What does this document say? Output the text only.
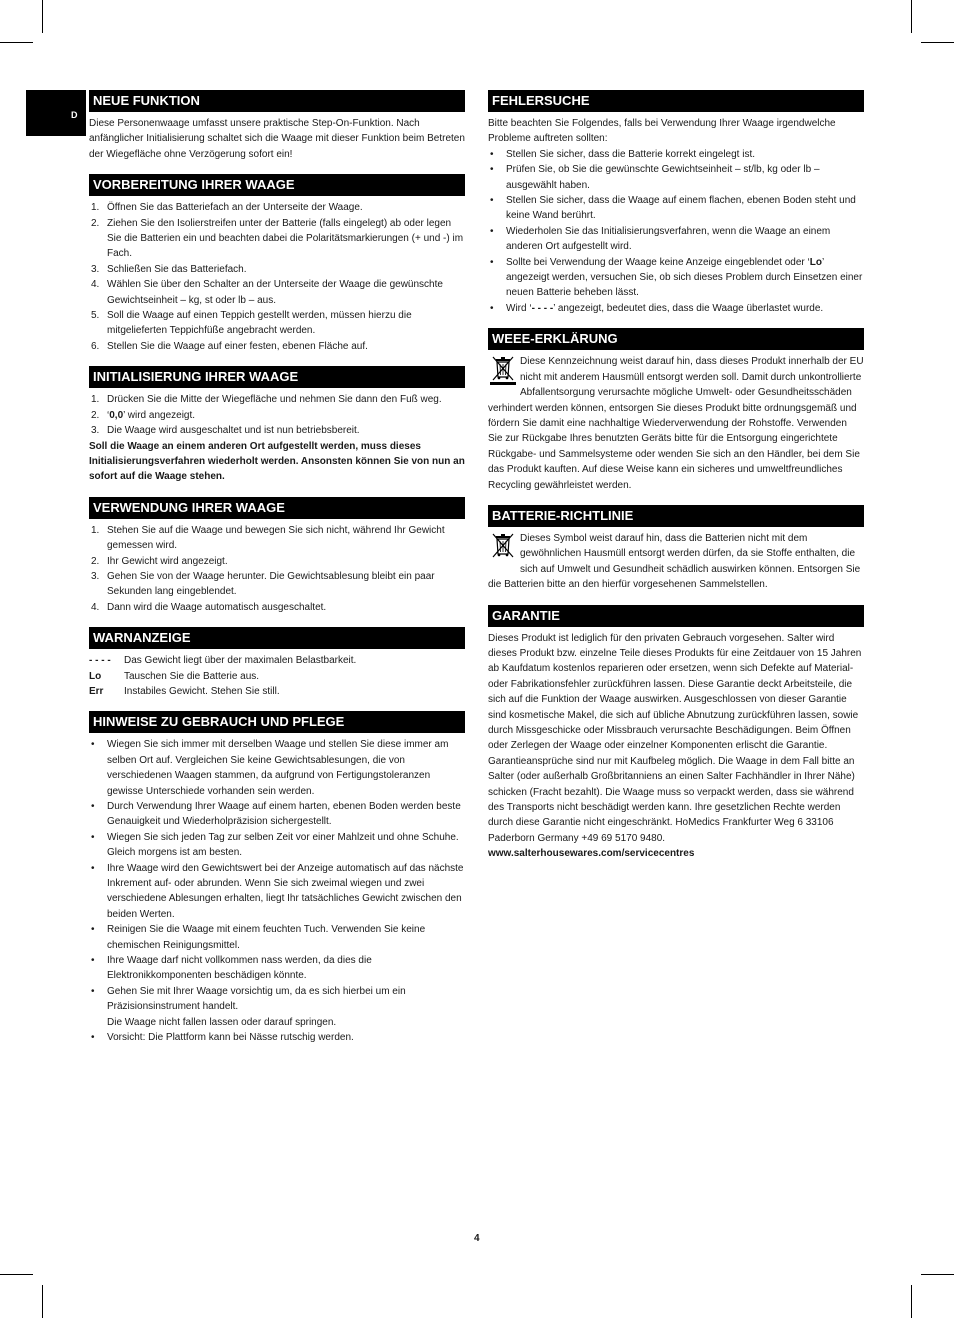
D
NEUE FUNKTION

Diese Personenwaage umfasst unsere praktische Step-On-Funktion. Nach anfänglicher Initialisierung schaltet sich die Waage mit dieser Funktion beim Betreten der Wiegefläche ohne Verzögerung sofort ein!

VORBEREITUNG IHRER WAAGE
1. Öffnen Sie das Batteriefach an der Unterseite der Waage.
2. Ziehen Sie den Isolierstreifen unter der Batterie (falls eingelegt) ab oder legen Sie die Batterien ein und beachten dabei die Polaritätsmarkierungen (+ und -) im Fach.
3. Schließen Sie das Batteriefach.
4. Wählen Sie über den Schalter an der Unterseite der Waage die gewünschte Gewichtseinheit – kg, st oder lb – aus.
5. Soll die Waage auf einen Teppich gestellt werden, müssen hierzu die mitgelieferten Teppichfüße angebracht werden.
6. Stellen Sie die Waage auf einer festen, ebenen Fläche auf.
INITIALISIERUNG IHRER WAAGE
1. Drücken Sie die Mitte der Wiegefläche und nehmen Sie dann den Fuß weg.
2. ‘0,0’ wird angezeigt.
3. Die Waage wird ausgeschaltet und ist nun betriebsbereit.

Soll die Waage an einem anderen Ort aufgestellt werden, muss dieses Initialisierungsverfahren wiederholt werden. Ansonsten können Sie von nun an sofort auf die Waage stehen.

VERWENDUNG IHRER WAAGE
1. Stehen Sie auf die Waage und bewegen Sie sich nicht, während Ihr Gewicht gemessen wird.
2. Ihr Gewicht wird angezeigt.
3. Gehen Sie von der Waage herunter. Die Gewichtsablesung bleibt ein paar Sekunden lang eingeblendet.
4. Dann wird die Waage automatisch ausgeschaltet.
WARNANZEIGE
- - - -	Das Gewicht liegt über der maximalen Belastbarkeit.
Lo	Tauschen Sie die Batterie aus.
Err	Instabiles Gewicht. Stehen Sie still.
HINWEISE ZU GEBRAUCH UND PFLEGE
• Wiegen Sie sich immer mit derselben Waage und stellen Sie diese immer am selben Ort auf. Vergleichen Sie keine Gewichtsablesungen, die von verschiedenen Waagen stammen, da aufgrund von Fertigungstoleranzen gewisse Unterschiede vorhanden sein werden.
• Durch Verwendung Ihrer Waage auf einem harten, ebenen Boden werden beste Genauigkeit und Wiederholpräzision sichergestellt.
• Wiegen Sie sich jeden Tag zur selben Zeit vor einer Mahlzeit und ohne Schuhe. Gleich morgens ist am besten.
• Ihre Waage wird den Gewichtswert bei der Anzeige automatisch auf das nächste Inkrement auf- oder abrunden. Wenn Sie sich zweimal wiegen und zwei verschiedene Ablesungen erhalten, liegt Ihr tatsächliches Gewicht zwischen den beiden Werten.
• Reinigen Sie die Waage mit einem feuchten Tuch. Verwenden Sie keine chemischen Reinigungsmittel.
• Ihre Waage darf nicht vollkommen nass werden, da dies die Elektronikkomponenten beschädigen könnte.
• Gehen Sie mit Ihrer Waage vorsichtig um, da es sich hierbei um ein Präzisionsinstrument handelt.
Die Waage nicht fallen lassen oder darauf springen.
• Vorsicht: Die Plattform kann bei Nässe rutschig werden.
FEHLERSUCHE

Bitte beachten Sie Folgendes, falls bei Verwendung Ihrer Waage irgendwelche Probleme auftreten sollten:

• Stellen Sie sicher, dass die Batterie korrekt eingelegt ist.
• Prüfen Sie, ob Sie die gewünschte Gewichtseinheit – st/lb, kg oder lb – ausgewählt haben.
• Stellen Sie sicher, dass die Waage auf einem flachen, ebenen Boden steht und keine Wand berührt.
• Wiederholen Sie das Initialisierungsverfahren, wenn die Waage an einem anderen Ort aufgestellt wird.
• Sollte bei Verwendung der Waage keine Anzeige eingeblendet oder ‘Lo’ angezeigt werden, versuchen Sie, ob sich dieses Problem durch Einsetzen einer neuen Batterie beheben lässt.
• Wird ‘- - - -’ angezeigt, bedeutet dies, dass die Waage überlastet wurde.
WEEE-ERKLÄRUNG

Diese Kennzeichnung weist darauf hin, dass dieses Produkt innerhalb der EU nicht mit anderem Hausmüll entsorgt werden soll. Damit durch unkontrollierte Abfallentsorgung verursachte mögliche Umwelt- oder Gesundheitsschäden verhindert werden können, entsorgen Sie dieses Produkt bitte ordnungsgemäß und fördern Sie damit eine nachhaltige Wiederverwendung der Rohstoffe. Verwenden Sie zur Rückgabe Ihres benutzten Geräts bitte für die Entsorgung eingerichtete Rückgabe- und Sammelsysteme oder wenden Sie sich an den Händler, bei dem Sie das Produkt kauften. Auf diese Weise kann ein sicheres und umweltfreundliches Recycling gewährleistet werden.

BATTERIE-RICHTLINIE

Dieses Symbol weist darauf hin, dass die Batterien nicht mit dem gewöhnlichen Hausmüll entsorgt werden dürfen, da sie Stoffe enthalten, die sich auf Umwelt und Gesundheit schädlich auswirken können. Entsorgen Sie die Batterien bitte an den hierfür vorgesehenen Sammelstellen.

GARANTIE

Dieses Produkt ist lediglich für den privaten Gebrauch vorgesehen. Salter wird dieses Produkt bzw. einzelne Teile dieses Produkts für eine Zeitdauer von 15 Jahren ab Kaufdatum kostenlos reparieren oder ersetzen, wenn sich Defekte auf Material- oder Fabrikationsfehler zurückführen lassen. Diese Garantie deckt Arbeitsteile, die sich auf die Funktion der Waage auswirken. Ausgeschlossen von dieser Garantie sind kosmetische Makel, die sich auf übliche Abnutzung zurückführen lassen, sowie durch Missgeschicke oder Missbrauch verursachte Beschädigungen. Beim Öffnen oder Zerlegen der Waage oder einzelner Komponenten erlischt die Garantie. Garantieansprüche sind nur mit Kaufbeleg möglich. Die Waage in dem Fall bitte an Salter (oder außerhalb Großbritanniens an einen Salter Fachhändler in Ihrer Nähe) schicken (Fracht bezahlt). Die Waage muss so verpackt werden, dass sie während des Transports nicht beschädigt werden kann. Ihre gesetzlichen Rechte werden durch diese Garantie nicht eingeschränkt. HoMedics Frankfurter Weg 6 33106 Paderborn Germany +49 69 5170 9480.

www.salterhousewares.com/servicecentres
4
